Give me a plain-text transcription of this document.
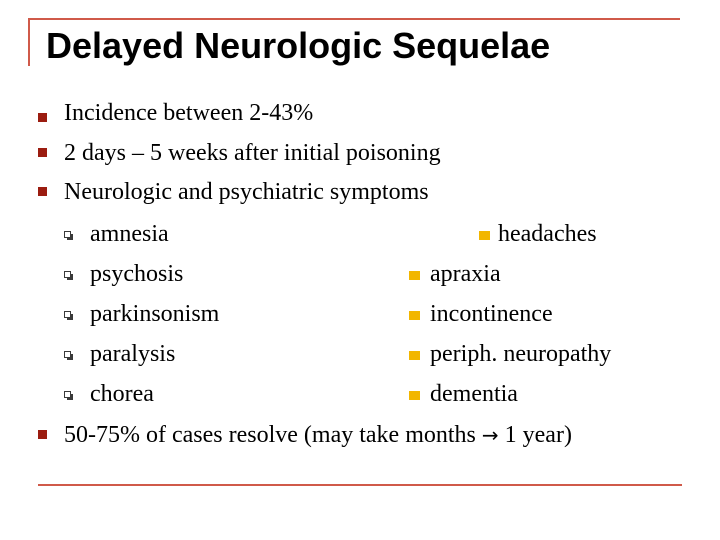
Delayed Neurologic Sequelae
Incidence between 2-43%
2 days – 5 weeks after initial poisoning
Neurologic and psychiatric symptoms
amnesia	headaches
psychosis	apraxia
parkinsonism	incontinence
paralysis	periph. neuropathy
chorea	dementia
50-75% of cases resolve (may take months → 1 year)
